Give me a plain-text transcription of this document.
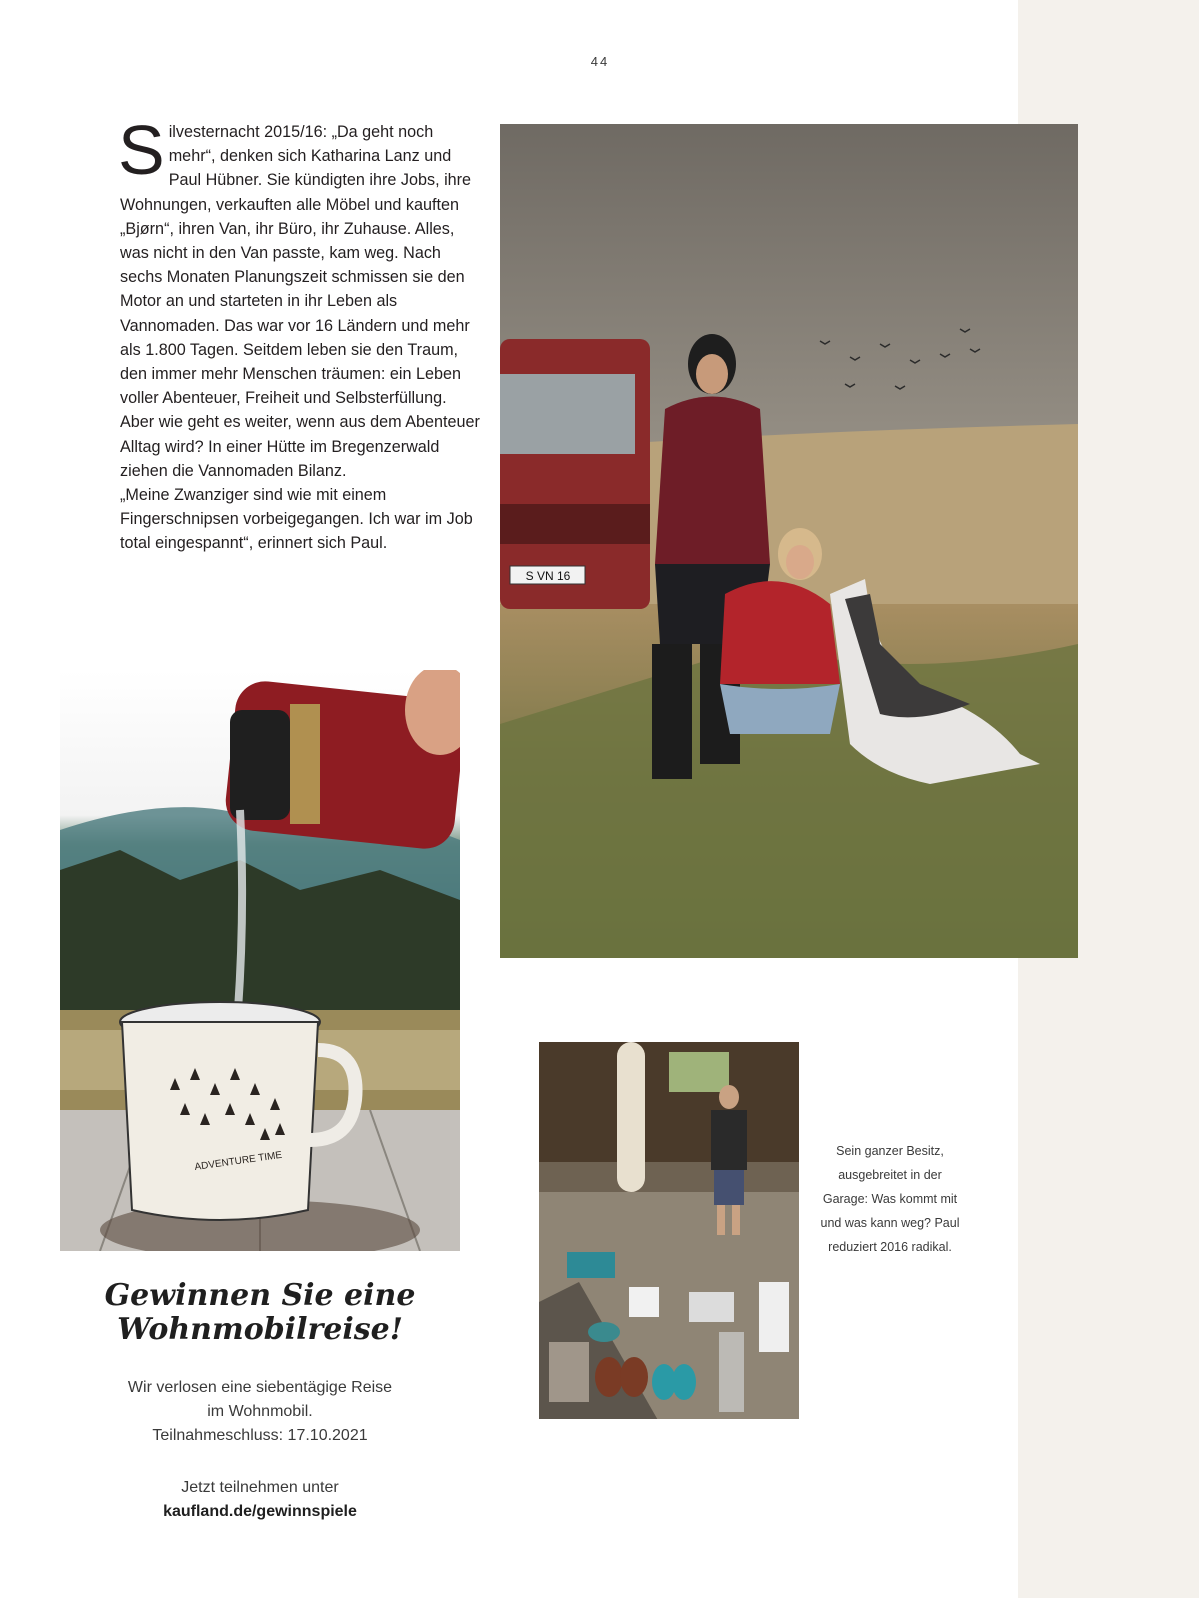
44
S ilvesternacht 2015/16: „Da geht noch mehr“, denken sich Katharina Lanz und Paul Hübner. Sie kündigten ihre Jobs, ihre Wohnungen, verkauften alle Möbel und kauften „Bjørn“, ihren Van, ihr Büro, ihr Zuhause. Alles, was nicht in den Van passte, kam weg. Nach sechs Monaten Planungszeit schmissen sie den Motor an und starteten in ihr Leben als Vannomaden. Das war vor 16 Ländern und mehr als 1.800 Tagen. Seitdem leben sie den Traum, den immer mehr Menschen träumen: ein Leben voller Abenteuer, Freiheit und Selbsterfüllung. Aber wie geht es weiter, wenn aus dem Abenteuer Alltag wird? In einer Hütte im Bregenzerwald ziehen die Vannomaden Bilanz.

„Meine Zwanziger sind wie mit einem Fingerschnipsen vorbeigegangen. Ich war im Job total eingespannt“, erinnert sich Paul.

S VN 16
ADVENTURE TIME	Sein ganzer Besitz, ausgebreitet in der Garage: Was kommt mit und was kann weg? Paul reduziert 2016 radikal.
Gewinnen Sie eine
Wohnmobilreise!
Wir verlosen eine siebentägige Reise
im Wohnmobil.
Teilnahmeschluss: 17.10.2021
Jetzt teilnehmen unter
kaufland.de/gewinnspiele
